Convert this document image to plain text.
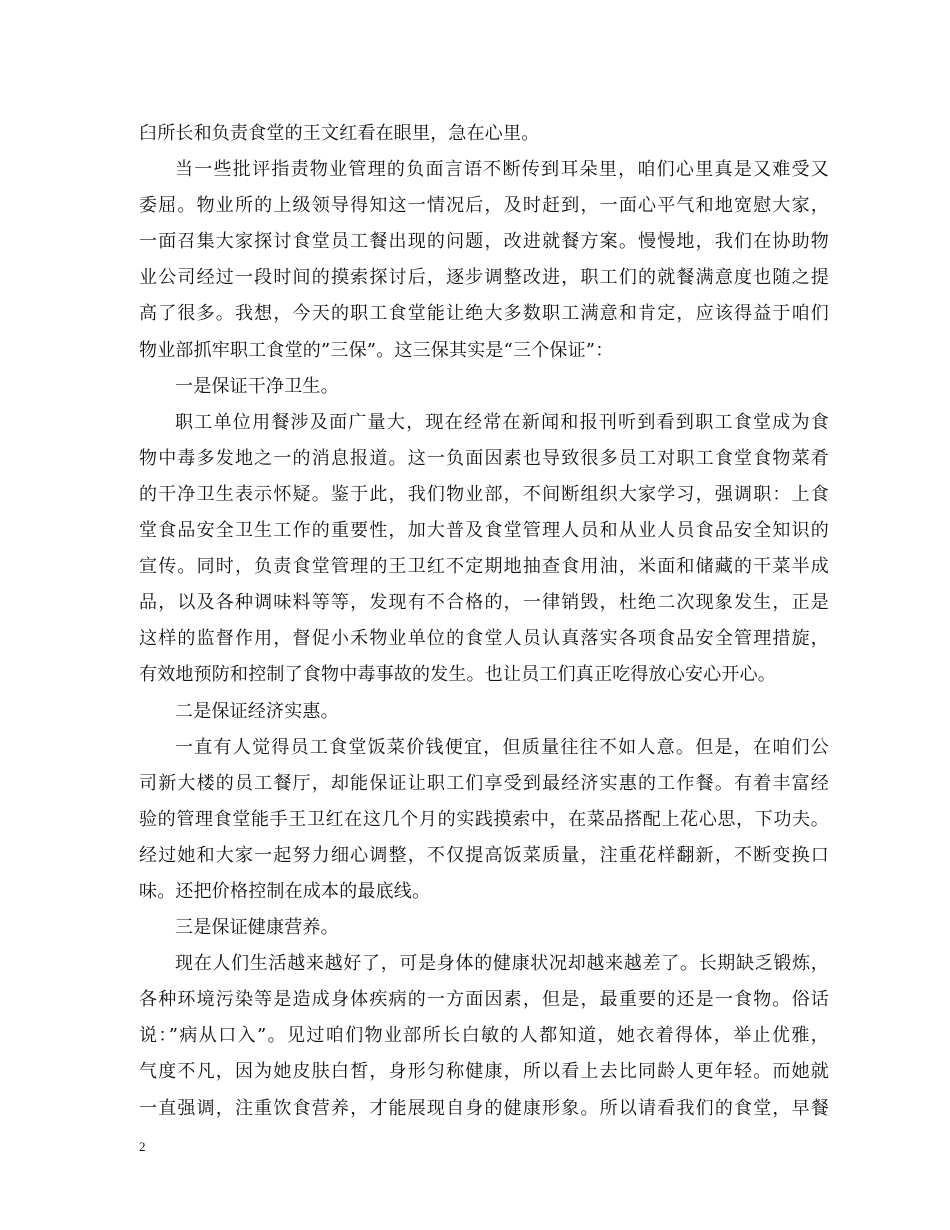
臼所长和负责食堂的王文红看在眼里，急在心里。
当一些批评指责物业管理的负面言语不断传到耳朵里，咱们心里真是又难受又
委屈。物业所的上级领导得知这一情况后，及时赶到，一面心平气和地宽慰大家，
一面召集大家探讨食堂员工餐出现的问题，改进就餐方案。慢慢地，我们在协助物
业公司经过一段时间的摸索探讨后，逐步调整改进，职工们的就餐满意度也随之提
高了很多。我想，今天的职工食堂能让绝大多数职工满意和肯定，应该得益于咱们
物业部抓牢职工食堂的”三保”。这三保其实是“三个保证”：
一是保证干净卫生。
职工单位用餐涉及面广量大，现在经常在新闻和报刊听到看到职工食堂成为食
物中毒多发地之一的消息报道。这一负面因素也导致很多员工对职工食堂食物菜肴
的干净卫生表示怀疑。鉴于此，我们物业部，不间断组织大家学习，强调职：上食
堂食品安全卫生工作的重要性，加大普及食堂管理人员和从业人员食品安全知识的
宣传。同时，负责食堂管理的王卫红不定期地抽查食用油，米面和储藏的干菜半成
品，以及各种调味料等等，发现有不合格的，一律销毁，杜绝二次现象发生，正是
这样的监督作用，督促小禾物业单位的食堂人员认真落实各项食品安全管理措旋，
有效地预防和控制了食物中毒事故的发生。也让员工们真正吃得放心安心开心。
二是保证经济实惠。
一直有人觉得员工食堂饭菜价钱便宜，但质量往往不如人意。但是，在咱们公
司新大楼的员工餐厅，却能保证让职工们享受到最经济实惠的工作餐。有着丰富经
验的管理食堂能手王卫红在这几个月的实践摸索中，在菜品搭配上花心思，下功夫。
经过她和大家一起努力细心调整，不仅提高饭菜质量，注重花样翻新，不断变换口
味。还把价格控制在成本的最底线。
三是保证健康营养。
现在人们生活越来越好了，可是身体的健康状况却越来越差了。长期缺乏锻炼，
各种环境污染等是造成身体疾病的一方面因素，但是，最重要的还是一食物。俗话
说：”病从口入”。见过咱们物业部所长白敏的人都知道，她衣着得体，举止优雅，
气度不凡，因为她皮肤白皙，身形匀称健康，所以看上去比同龄人更年轻。而她就
一直强调，注重饮食营养，才能展现自身的健康形象。所以请看我们的食堂，早餐
2
